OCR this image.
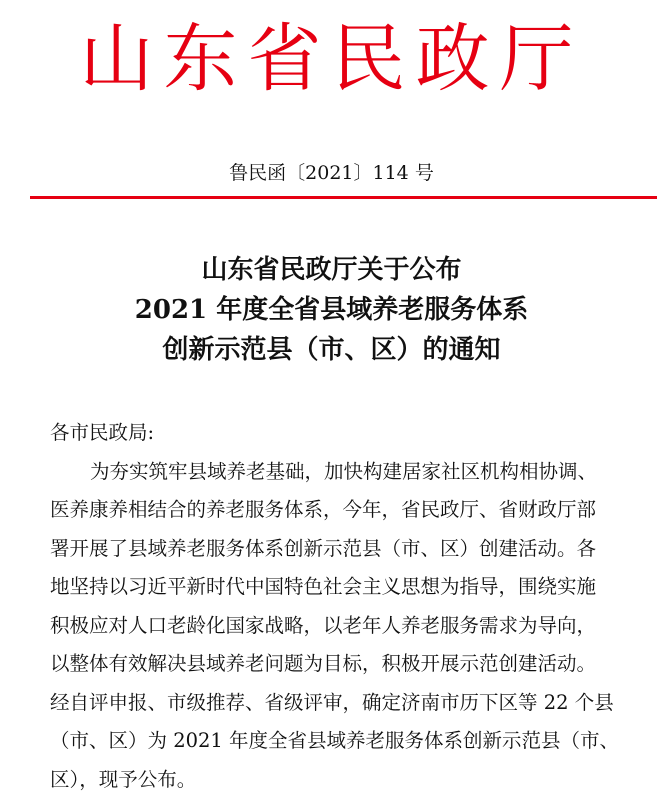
山东省民政厅
鲁民函〔2021〕114 号
山东省民政厅关于公布
2021 年度全省县域养老服务体系
创新示范县（市、区）的通知
各市民政局:
为夯实筑牢县域养老基础，加快构建居家社区机构相协调、
医养康养相结合的养老服务体系，今年，省民政厅、省财政厅部
署开展了县域养老服务体系创新示范县（市、区）创建活动。各
地坚持以习近平新时代中国特色社会主义思想为指导，围绕实施
积极应对人口老龄化国家战略，以老年人养老服务需求为导向，
以整体有效解决县域养老问题为目标，积极开展示范创建活动。
经自评申报、市级推荐、省级评审，确定济南市历下区等 22 个县
（市、区）为 2021 年度全省县域养老服务体系创新示范县（市、
区），现予公布。
